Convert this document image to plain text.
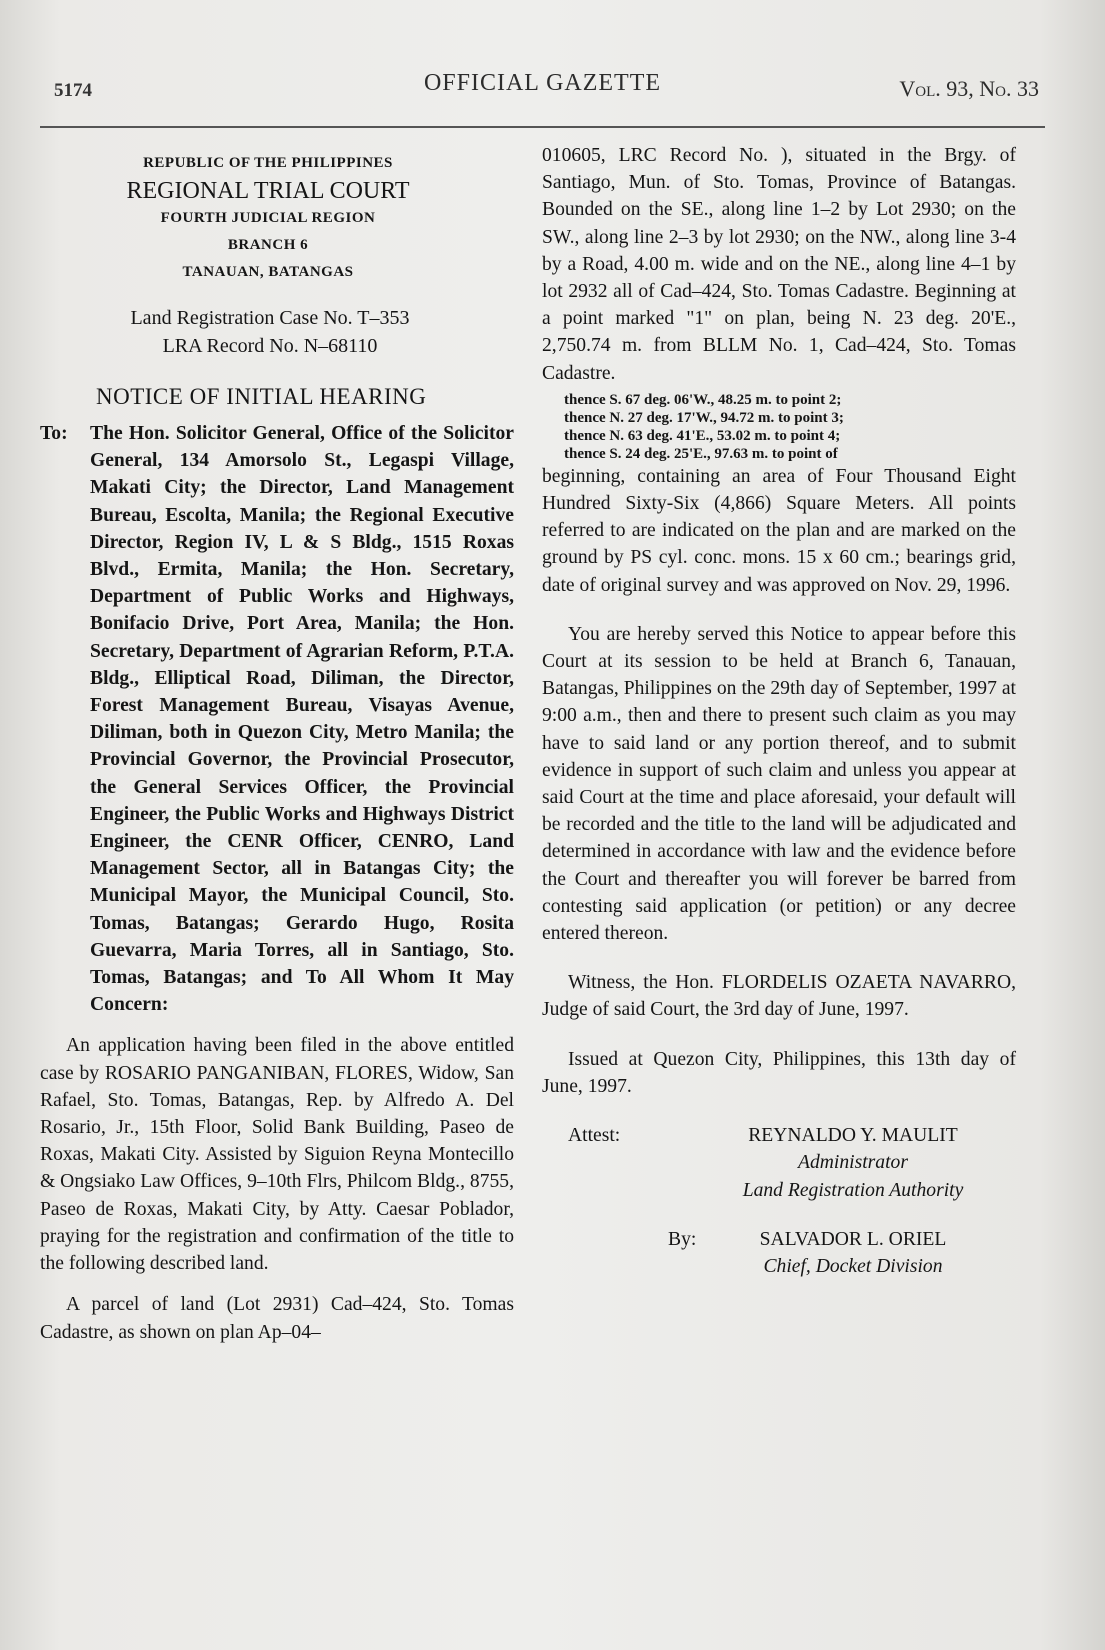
5174	OFFICIAL GAZETTE	Vol. 93, No. 33
REPUBLIC OF THE PHILIPPINES
REGIONAL TRIAL COURT
FOURTH JUDICIAL REGION
BRANCH 6
TANAUAN, BATANGAS
Land Registration Case No. T–353
LRA Record No. N–68110
NOTICE OF INITIAL HEARING
To:	The Hon. Solicitor General, Office of the Solicitor General, 134 Amorsolo St., Legaspi Village, Makati City; the Director, Land Management Bureau, Escolta, Manila; the Regional Executive Director, Region IV, L & S Bldg., 1515 Roxas Blvd., Ermita, Manila; the Hon. Secretary, Department of Public Works and Highways, Bonifacio Drive, Port Area, Manila; the Hon. Secretary, Department of Agrarian Reform, P.T.A. Bldg., Elliptical Road, Diliman, the Director, Forest Management Bureau, Visayas Avenue, Diliman, both in Quezon City, Metro Manila; the Provincial Governor, the Provincial Prosecutor, the General Services Officer, the Provincial Engineer, the Public Works and Highways District Engineer, the CENR Officer, CENRO, Land Management Sector, all in Batangas City; the Municipal Mayor, the Municipal Council, Sto. Tomas, Batangas; Gerardo Hugo, Rosita Guevarra, Maria Torres, all in Santiago, Sto. Tomas, Batangas; and To All Whom It May Concern:
An application having been filed in the above entitled case by ROSARIO PANGANIBAN, FLORES, Widow, San Rafael, Sto. Tomas, Batangas, Rep. by Alfredo A. Del Rosario, Jr., 15th Floor, Solid Bank Building, Paseo de Roxas, Makati City. Assisted by Siguion Reyna Montecillo & Ongsiako Law Offices, 9–10th Flrs, Philcom Bldg., 8755, Paseo de Roxas, Makati City, by Atty. Caesar Poblador, praying for the registration and confirmation of the title to the following described land.
A parcel of land (Lot 2931) Cad–424, Sto. Tomas Cadastre, as shown on plan Ap–04–
010605, LRC Record No. ), situated in the Brgy. of Santiago, Mun. of Sto. Tomas, Province of Batangas. Bounded on the SE., along line 1–2 by Lot 2930; on the SW., along line 2–3 by lot 2930; on the NW., along line 3-4 by a Road, 4.00 m. wide and on the NE., along line 4–1 by lot 2932 all of Cad–424, Sto. Tomas Cadastre. Beginning at a point marked "1" on plan, being N. 23 deg. 20'E., 2,750.74 m. from BLLM No. 1, Cad–424, Sto. Tomas Cadastre.
thence S. 67 deg. 06'W., 48.25 m. to point 2;
thence N. 27 deg. 17'W., 94.72 m. to point 3;
thence N. 63 deg. 41'E., 53.02 m. to point 4;
thence S. 24 deg. 25'E., 97.63 m. to point of
beginning, containing an area of Four Thousand Eight Hundred Sixty-Six (4,866) Square Meters. All points referred to are indicated on the plan and are marked on the ground by PS cyl. conc. mons. 15 x 60 cm.; bearings grid, date of original survey and was approved on Nov. 29, 1996.
You are hereby served this Notice to appear before this Court at its session to be held at Branch 6, Tanauan, Batangas, Philippines on the 29th day of September, 1997 at 9:00 a.m., then and there to present such claim as you may have to said land or any portion thereof, and to submit evidence in support of such claim and unless you appear at said Court at the time and place aforesaid, your default will be recorded and the title to the land will be adjudicated and determined in accordance with law and the evidence before the Court and thereafter you will forever be barred from contesting said application (or petition) or any decree entered thereon.
Witness, the Hon. FLORDELIS OZAETA NAVARRO, Judge of said Court, the 3rd day of June, 1997.
Issued at Quezon City, Philippines, this 13th day of June, 1997.
Attest:	REYNALDO Y. MAULIT
Administrator
Land Registration Authority
By:	SALVADOR L. ORIEL
Chief, Docket Division
